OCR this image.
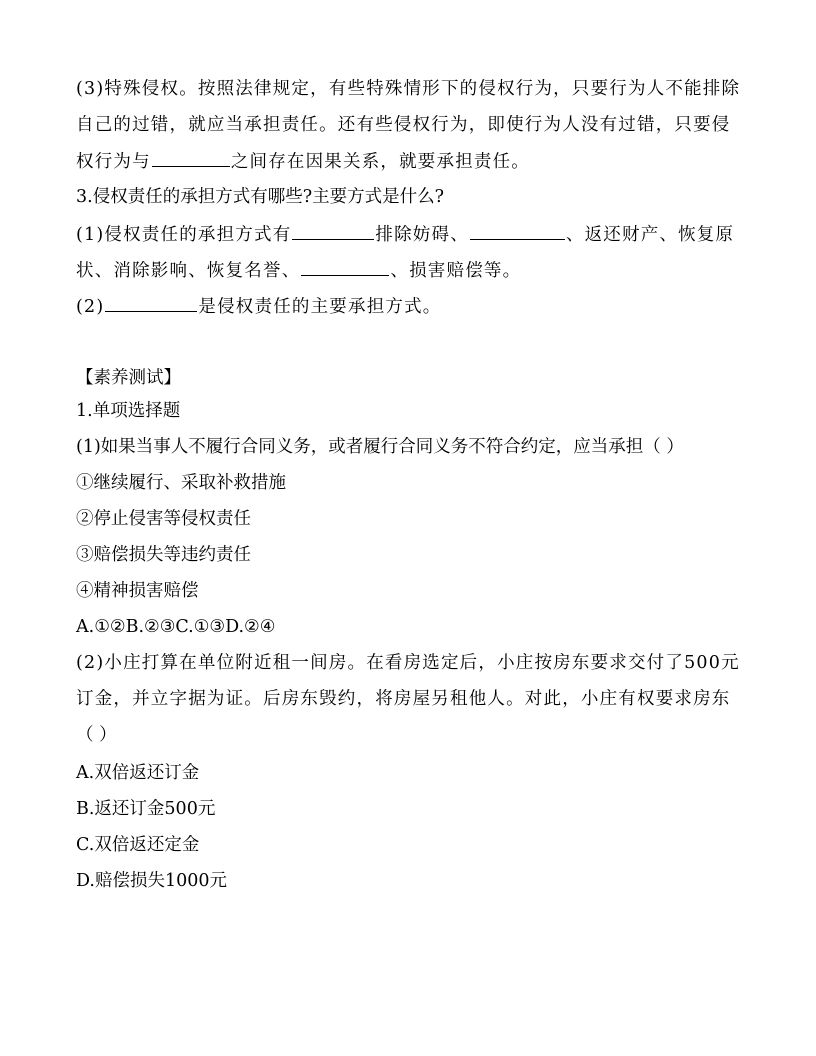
(3)特殊侵权。按照法律规定，有些特殊情形下的侵权行为，只要行为人不能排除
自己的过错，就应当承担责任。还有些侵权行为，即使行为人没有过错，只要侵
权行为与	之间存在因果关系，就要承担责任。
3.侵权责任的承担方式有哪些?主要方式是什么?
(1)侵权责任的承担方式有	排除妨碍、	、返还财产、恢复原
状、消除影响、恢复名誉、	、损害赔偿等。
(2)	是侵权责任的主要承担方式。
【素养测试】
1.单项选择题
(1)如果当事人不履行合同义务，或者履行合同义务不符合约定，应当承担（ ）
①继续履行、采取补救措施
②停止侵害等侵权责任
③赔偿损失等违约责任
④精神损害赔偿
A.①②B.②③C.①③D.②④
(2)小庄打算在单位附近租一间房。在看房选定后，小庄按房东要求交付了500元
订金，并立字据为证。后房东毁约，将房屋另租他人。对此，小庄有权要求房东
（ ）
A.双倍返还订金
B.返还订金500元
C.双倍返还定金
D.赔偿损失1000元
